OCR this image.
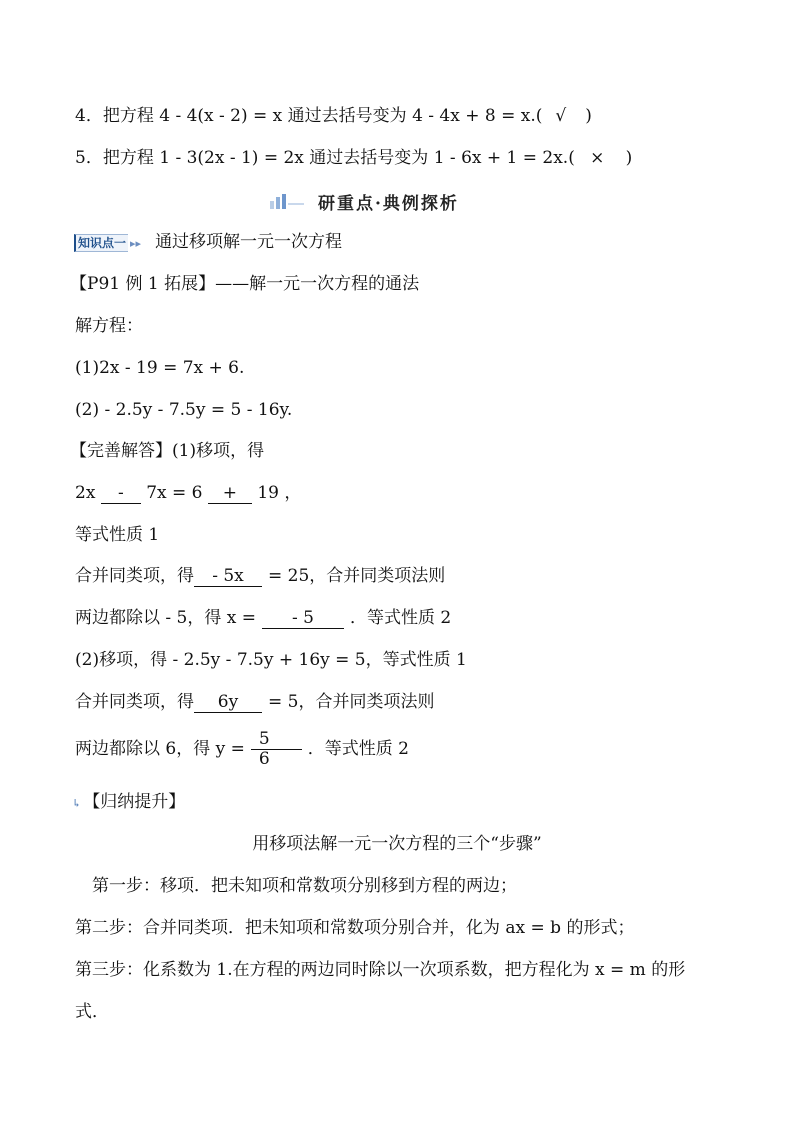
4．把方程 4 - 4(x - 2) = x 通过去括号变为 4 - 4x + 8 = x.( √ )
5．把方程 1 - 3(2x - 1) = 2x 通过去括号变为 1 - 6x + 1 = 2x.( × )
研重点·典例探析
知识点一 ▸▸ 通过移项解一元一次方程
【P91 例 1 拓展】——解一元一次方程的通法
解方程：
(1)2x - 19 = 7x + 6.
(2) - 2.5y - 7.5y = 5 - 16y.
【完善解答】(1)移项，得
2x - 7x = 6 + 19 ，
等式性质 1
合并同类项，得 - 5x = 25，合并同类项法则
两边都除以 - 5，得 x = - 5 ．等式性质 2
(2)移项，得 - 2.5y - 7.5y + 16y = 5，等式性质 1
合并同类项，得 6y = 5，合并同类项法则
两边都除以 6，得 $y = \frac{5}{6}$ ．等式性质 2
↳ 【归纳提升】
用移项法解一元一次方程的三个“步骤”
第一步：移项．把未知项和常数项分别移到方程的两边；
第二步：合并同类项．把未知项和常数项分别合并，化为 ax = b 的形式；
第三步：化系数为 1.在方程的两边同时除以一次项系数，把方程化为 x = m 的形
式．
